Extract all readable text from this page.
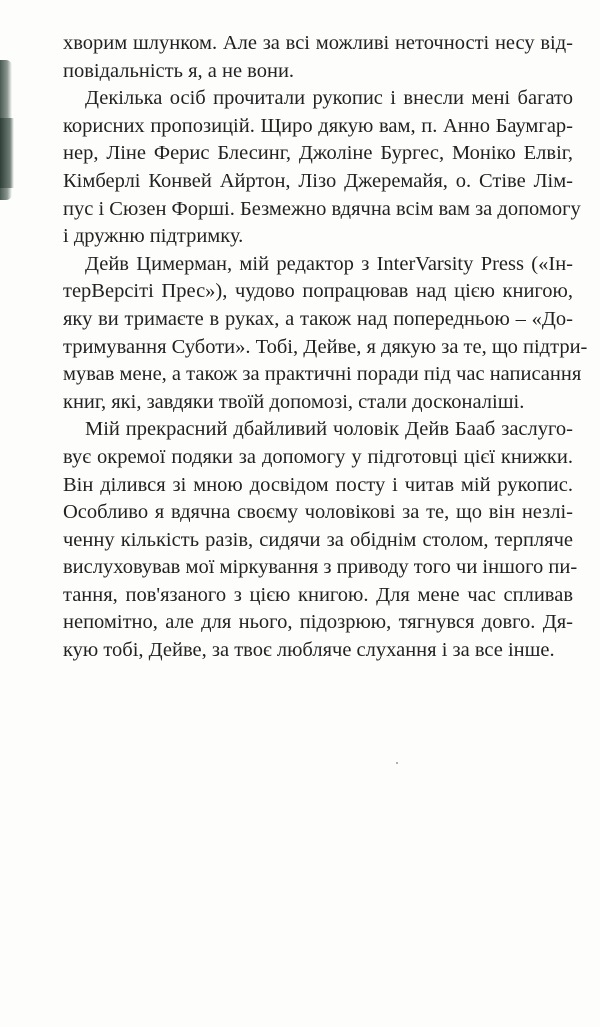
хворим шлунком. Але за всі можливі неточності несу від-
повідальність я, а не вони.
Декілька осіб прочитали рукопис і внесли мені багато
корисних пропозицій. Щиро дякую вам, п. Анно Баумгар-
нер, Ліне Ферис Блесинг, Джоліне Бургес, Моніко Елвіг,
Кімберлі Конвей Айртон, Лізо Джеремайя, о. Стіве Лім-
пус і Сюзен Форші. Безмежно вдячна всім вам за допомогу
і дружню підтримку.
Дейв Цимерман, мій редактор з InterVarsity Press («Ін-
терВерсіті Прес»), чудово попрацював над цією книгою,
яку ви тримаєте в руках, а також над попередньою – «До-
тримування Суботи». Тобі, Дейве, я дякую за те, що підтри-
мував мене, а також за практичні поради під час написання
книг, які, завдяки твоїй допомозі, стали досконаліші.
Мій прекрасний дбайливий чоловік Дейв Бааб заслуго-
вує окремої подяки за допомогу у підготовці цієї книжки.
Він ділився зі мною досвідом посту і читав мій рукопис.
Особливо я вдячна своєму чоловікові за те, що він незлі-
ченну кількість разів, сидячи за обіднім столом, терпляче
вислуховував мої міркування з приводу того чи іншого пи-
тання, пов'язаного з цією книгою. Для мене час спливав
непомітно, але для нього, підозрюю, тягнувся довго. Дя-
кую тобі, Дейве, за твоє люблячe слухання і за все інше.
